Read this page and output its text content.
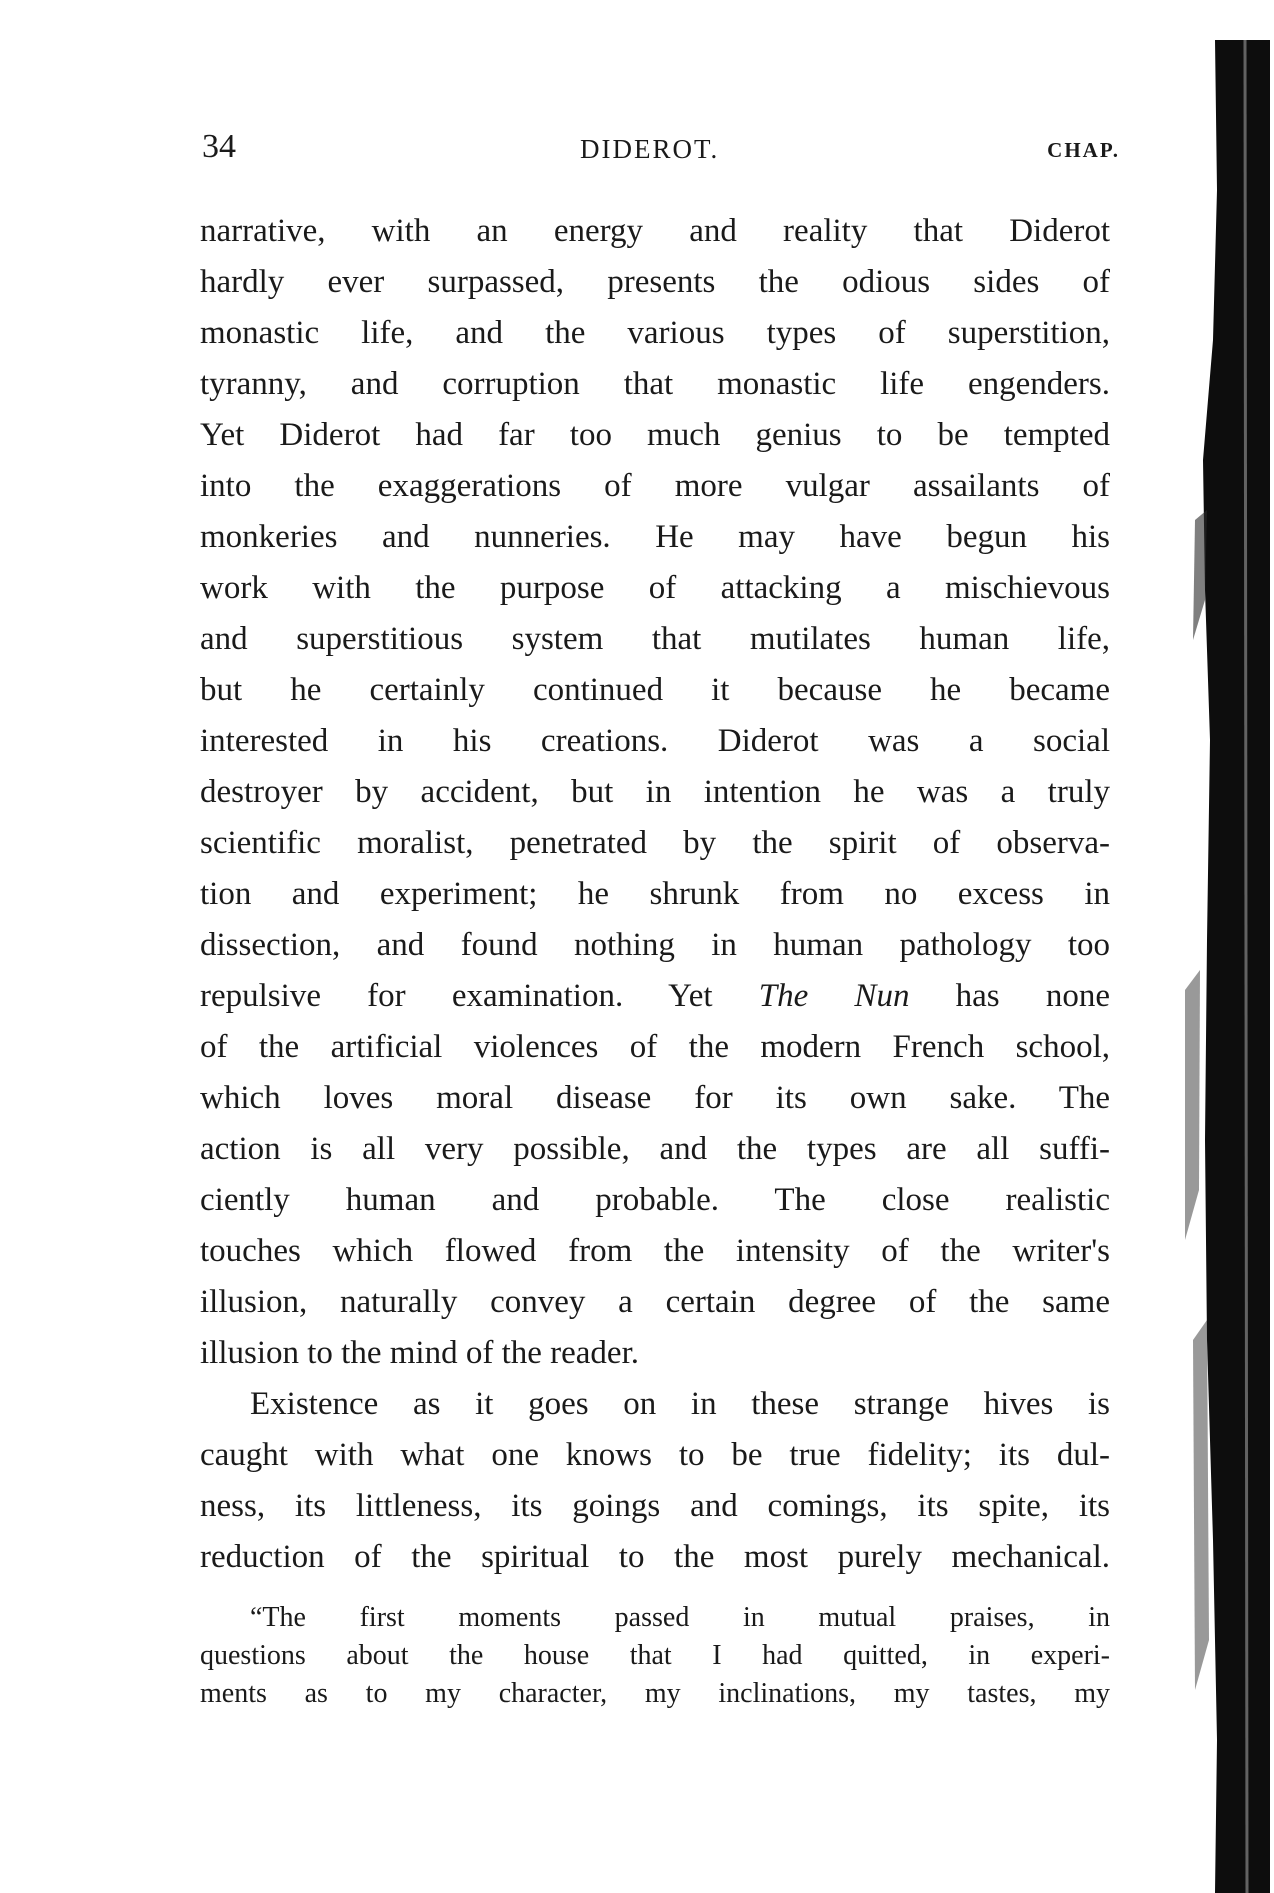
34	DIDEROT.	CHAP.
narrative, with an energy and reality that Diderot
hardly ever surpassed, presents the odious sides of
monastic life, and the various types of superstition,
tyranny, and corruption that monastic life engenders.
Yet Diderot had far too much genius to be tempted
into the exaggerations of more vulgar assailants of
monkeries and nunneries. He may have begun his
work with the purpose of attacking a mischievous
and superstitious system that mutilates human life,
but he certainly continued it because he became
interested in his creations. Diderot was a social
destroyer by accident, but in intention he was a truly
scientific moralist, penetrated by the spirit of observa-
tion and experiment; he shrunk from no excess in
dissection, and found nothing in human pathology too
repulsive for examination. Yet The Nun has none
of the artificial violences of the modern French school,
which loves moral disease for its own sake. The
action is all very possible, and the types are all suffi-
ciently human and probable. The close realistic
touches which flowed from the intensity of the writer's
illusion, naturally convey a certain degree of the same
illusion to the mind of the reader.
Existence as it goes on in these strange hives is
caught with what one knows to be true fidelity; its dul-
ness, its littleness, its goings and comings, its spite, its
reduction of the spiritual to the most purely mechanical.
“The first moments passed in mutual praises, in
questions about the house that I had quitted, in experi-
ments as to my character, my inclinations, my tastes, my
